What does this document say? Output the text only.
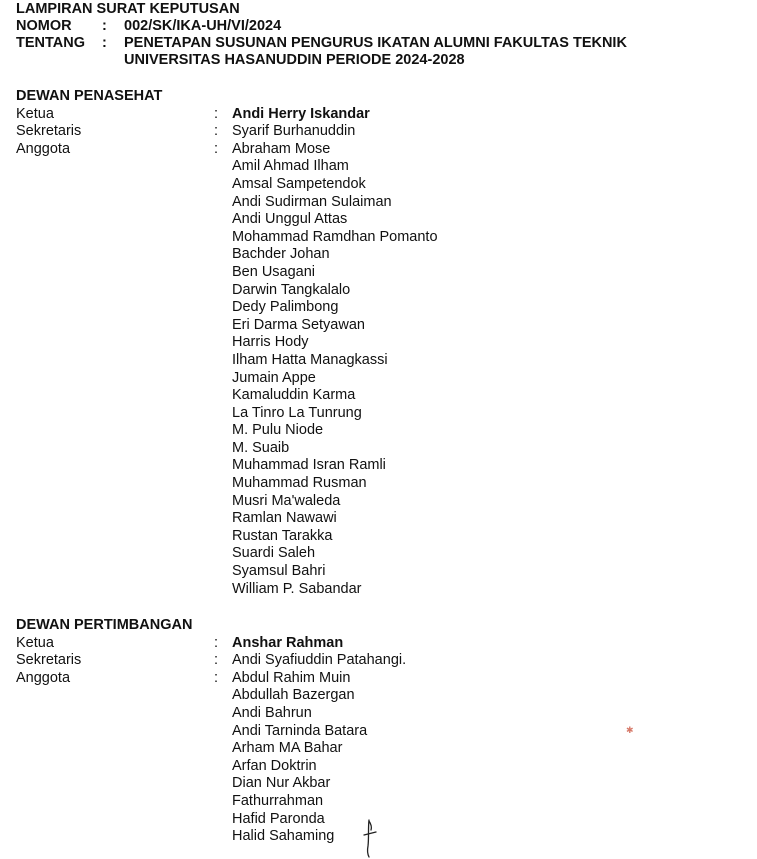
LAMPIRAN SURAT KEPUTUSAN
NOMOR	:	002/SK/IKA-UH/VI/2024
TENTANG	:	PENETAPAN SUSUNAN PENGURUS IKATAN ALUMNI FAKULTAS TEKNIK
UNIVERSITAS HASANUDDIN PERIODE 2024-2028
DEWAN PENASEHAT
Ketua	: Andi Herry Iskandar
Sekretaris	: Syarif Burhanuddin
Anggota	: Abraham Mose
Amil Ahmad Ilham
Amsal Sampetendok
Andi Sudirman Sulaiman
Andi Unggul Attas
Mohammad Ramdhan Pomanto
Bachder Johan
Ben Usagani
Darwin Tangkalalo
Dedy Palimbong
Eri Darma Setyawan
Harris Hody
Ilham Hatta Managkassi
Jumain Appe
Kamaluddin Karma
La Tinro La Tunrung
M. Pulu Niode
M. Suaib
Muhammad Isran Ramli
Muhammad Rusman
Musri Ma'waleda
Ramlan Nawawi
Rustan Tarakka
Suardi Saleh
Syamsul Bahri
William P. Sabandar
DEWAN PERTIMBANGAN
Ketua	: Anshar Rahman
Sekretaris	: Andi Syafiuddin Patahangi.
Anggota	: Abdul Rahim Muin
Abdullah Bazergan
Andi Bahrun
Andi Tarninda Batara
Arham MA Bahar
Arfan Doktrin
Dian Nur Akbar
Fathurrahman
Hafid Paronda
Halid Sahaming
✱
